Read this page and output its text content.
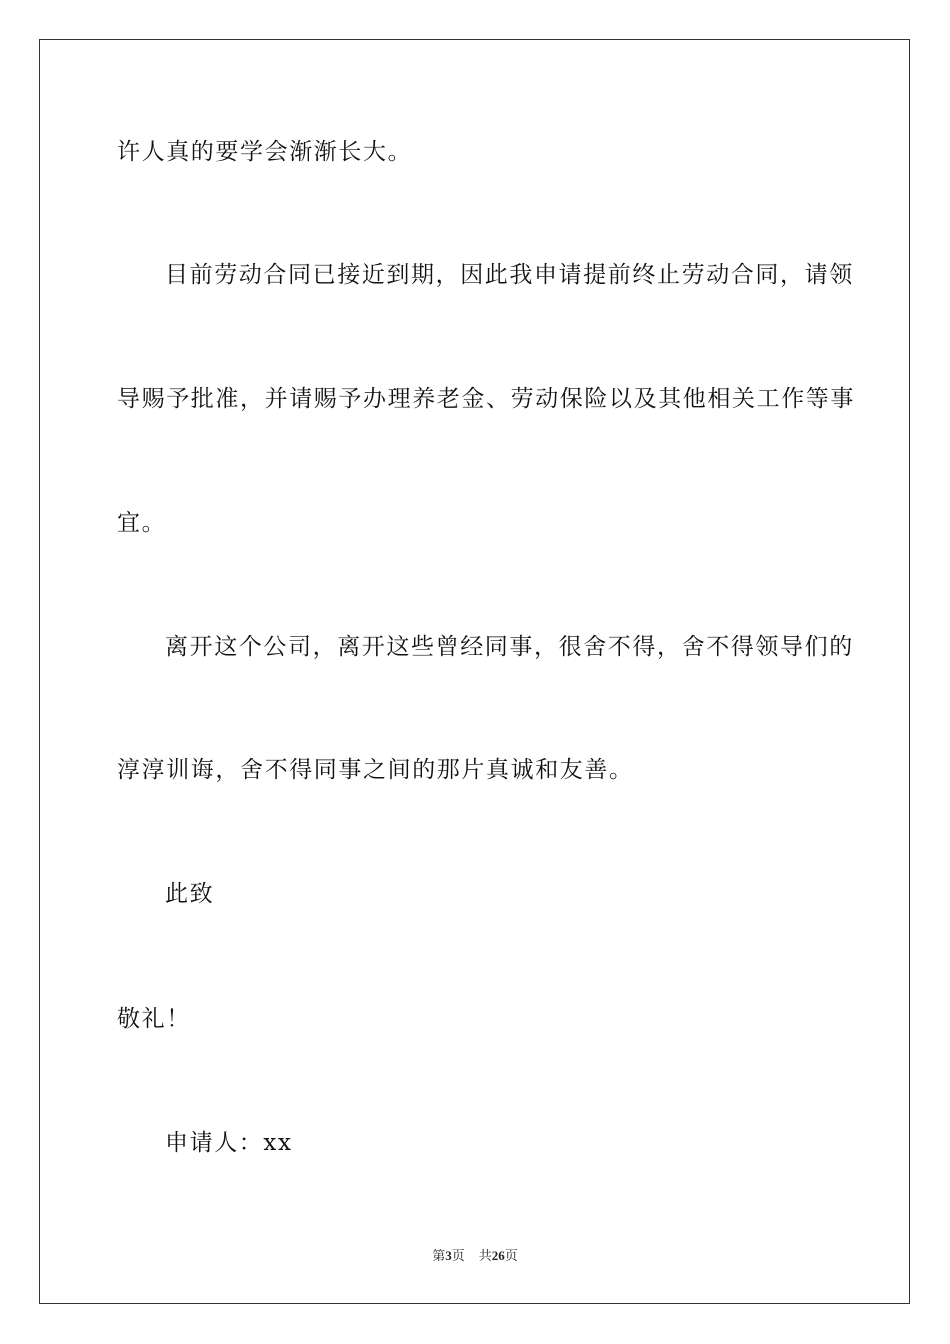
许人真的要学会渐渐长大。
目前劳动合同已接近到期，因此我申请提前终止劳动合同，请领
导赐予批准，并请赐予办理养老金、劳动保险以及其他相关工作等事
宜。
离开这个公司，离开这些曾经同事，很舍不得，舍不得领导们的
淳淳训诲，舍不得同事之间的那片真诚和友善。
此致
敬礼！
申请人：xx
第3页 共26页
